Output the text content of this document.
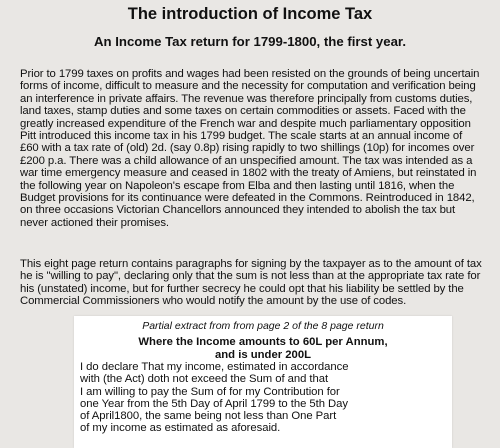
The introduction of Income Tax
An Income Tax return for 1799-1800, the first year.

Prior to 1799 taxes on profits and wages had been resisted on the grounds of being uncertain forms of income, difficult to measure and the necessity for computation and verification being an interference in private affairs. The revenue was therefore principally from customs duties, land taxes, stamp duties and some taxes on certain commodities or assets. Faced with the greatly increased expenditure of the French war and despite much parliamentary opposition Pitt introduced this income tax in his 1799 budget. The scale starts at an annual income of £60 with a tax rate of (old) 2d. (say 0.8p) rising rapidly to two shillings (10p) for incomes over £200 p.a. There was a child allowance of an unspecified amount. The tax was intended as a war time emergency measure and ceased in 1802 with the treaty of Amiens, but reinstated in the following year on Napoleon's escape from Elba and then lasting until 1816, when the Budget provisions for its continuance were defeated in the Commons. Reintroduced in 1842, on three occasions Victorian Chancellors announced they intended to abolish the tax but never actioned their promises.

This eight page return contains paragraphs for signing by the taxpayer as to the amount of tax he is "willing to pay", declaring only that the sum is not less than at the appropriate tax rate for his (unstated) income, but for further secrecy he could opt that his liability be settled by the Commercial Commissioners who would notify the amount by the use of codes.

Partial extract from from page 2 of the 8 page return

Where the Income amounts to 60L per Annum,
and is under 200L

I do declare That my income, estimated in accordance
with (the Act) doth not exceed the Sum of and that
I am willing to pay the Sum of for my Contribution for
one Year from the 5th Day of April 1799 to the 5th Day
of April1800, the same being not less than One Part
of my income as estimated as aforesaid.
